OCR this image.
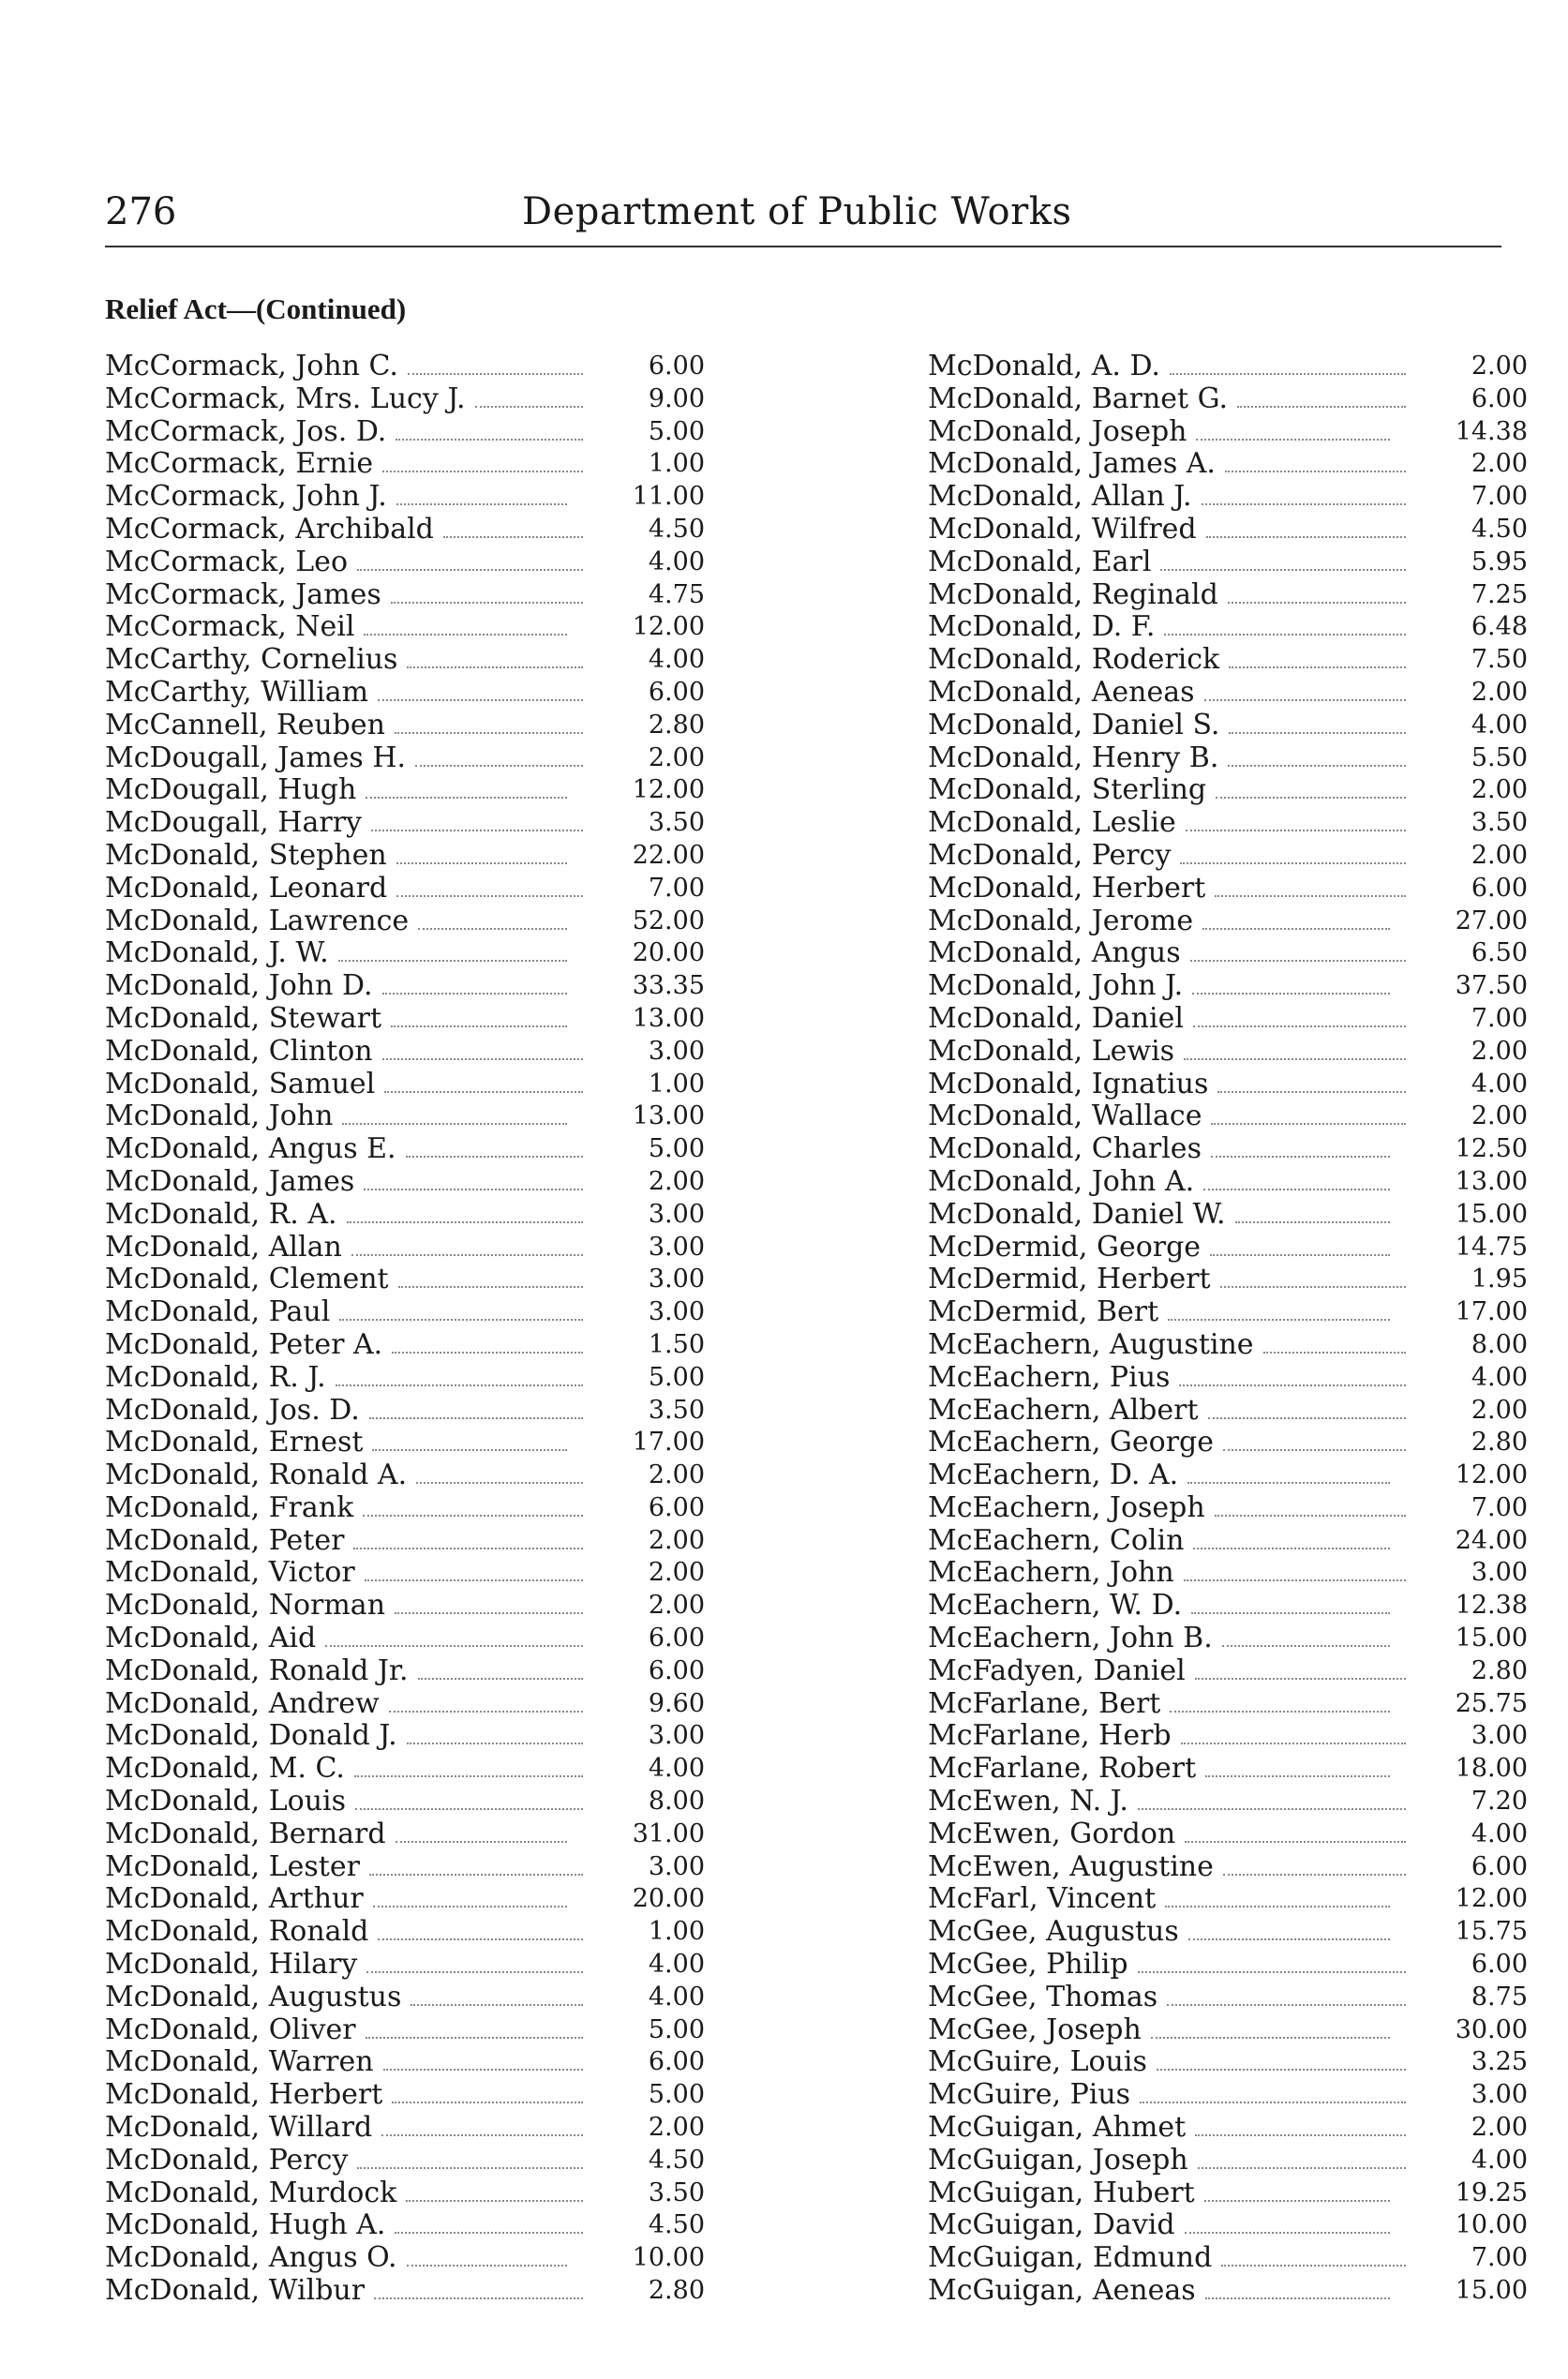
276	Department of Public Works
Relief Act—(Continued)
McCormack, John C.	6.00
McCormack, Mrs. Lucy J.	9.00
McCormack, Jos. D.	5.00
McCormack, Ernie	1.00
McCormack, John J.	11.00
McCormack, Archibald	4.50
McCormack, Leo	4.00
McCormack, James	4.75
McCormack, Neil	12.00
McCarthy, Cornelius	4.00
McCarthy, William	6.00
McCannell, Reuben	2.80
McDougall, James H.	2.00
McDougall, Hugh	12.00
McDougall, Harry	3.50
McDonald, Stephen	22.00
McDonald, Leonard	7.00
McDonald, Lawrence	52.00
McDonald, J. W.	20.00
McDonald, John D.	33.35
McDonald, Stewart	13.00
McDonald, Clinton	3.00
McDonald, Samuel	1.00
McDonald, John	13.00
McDonald, Angus E.	5.00
McDonald, James	2.00
McDonald, R. A.	3.00
McDonald, Allan	3.00
McDonald, Clement	3.00
McDonald, Paul	3.00
McDonald, Peter A.	1.50
McDonald, R. J.	5.00
McDonald, Jos. D.	3.50
McDonald, Ernest	17.00
McDonald, Ronald A.	2.00
McDonald, Frank	6.00
McDonald, Peter	2.00
McDonald, Victor	2.00
McDonald, Norman	2.00
McDonald, Aid	6.00
McDonald, Ronald Jr.	6.00
McDonald, Andrew	9.60
McDonald, Donald J.	3.00
McDonald, M. C.	4.00
McDonald, Louis	8.00
McDonald, Bernard	31.00
McDonald, Lester	3.00
McDonald, Arthur	20.00
McDonald, Ronald	1.00
McDonald, Hilary	4.00
McDonald, Augustus	4.00
McDonald, Oliver	5.00
McDonald, Warren	6.00
McDonald, Herbert	5.00
McDonald, Willard	2.00
McDonald, Percy	4.50
McDonald, Murdock	3.50
McDonald, Hugh A.	4.50
McDonald, Angus O.	10.00
McDonald, Wilbur	2.80
McDonald, A. D.	2.00
McDonald, Barnet G.	6.00
McDonald, Joseph	14.38
McDonald, James A.	2.00
McDonald, Allan J.	7.00
McDonald, Wilfred	4.50
McDonald, Earl	5.95
McDonald, Reginald	7.25
McDonald, D. F.	6.48
McDonald, Roderick	7.50
McDonald, Aeneas	2.00
McDonald, Daniel S.	4.00
McDonald, Henry B.	5.50
McDonald, Sterling	2.00
McDonald, Leslie	3.50
McDonald, Percy	2.00
McDonald, Herbert	6.00
McDonald, Jerome	27.00
McDonald, Angus	6.50
McDonald, John J.	37.50
McDonald, Daniel	7.00
McDonald, Lewis	2.00
McDonald, Ignatius	4.00
McDonald, Wallace	2.00
McDonald, Charles	12.50
McDonald, John A.	13.00
McDonald, Daniel W.	15.00
McDermid, George	14.75
McDermid, Herbert	1.95
McDermid, Bert	17.00
McEachern, Augustine	8.00
McEachern, Pius	4.00
McEachern, Albert	2.00
McEachern, George	2.80
McEachern, D. A.	12.00
McEachern, Joseph	7.00
McEachern, Colin	24.00
McEachern, John	3.00
McEachern, W. D.	12.38
McEachern, John B.	15.00
McFadyen, Daniel	2.80
McFarlane, Bert	25.75
McFarlane, Herb	3.00
McFarlane, Robert	18.00
McEwen, N. J.	7.20
McEwen, Gordon	4.00
McEwen, Augustine	6.00
McFarl, Vincent	12.00
McGee, Augustus	15.75
McGee, Philip	6.00
McGee, Thomas	8.75
McGee, Joseph	30.00
McGuire, Louis	3.25
McGuire, Pius	3.00
McGuigan, Ahmet	2.00
McGuigan, Joseph	4.00
McGuigan, Hubert	19.25
McGuigan, David	10.00
McGuigan, Edmund	7.00
McGuigan, Aeneas	15.00
